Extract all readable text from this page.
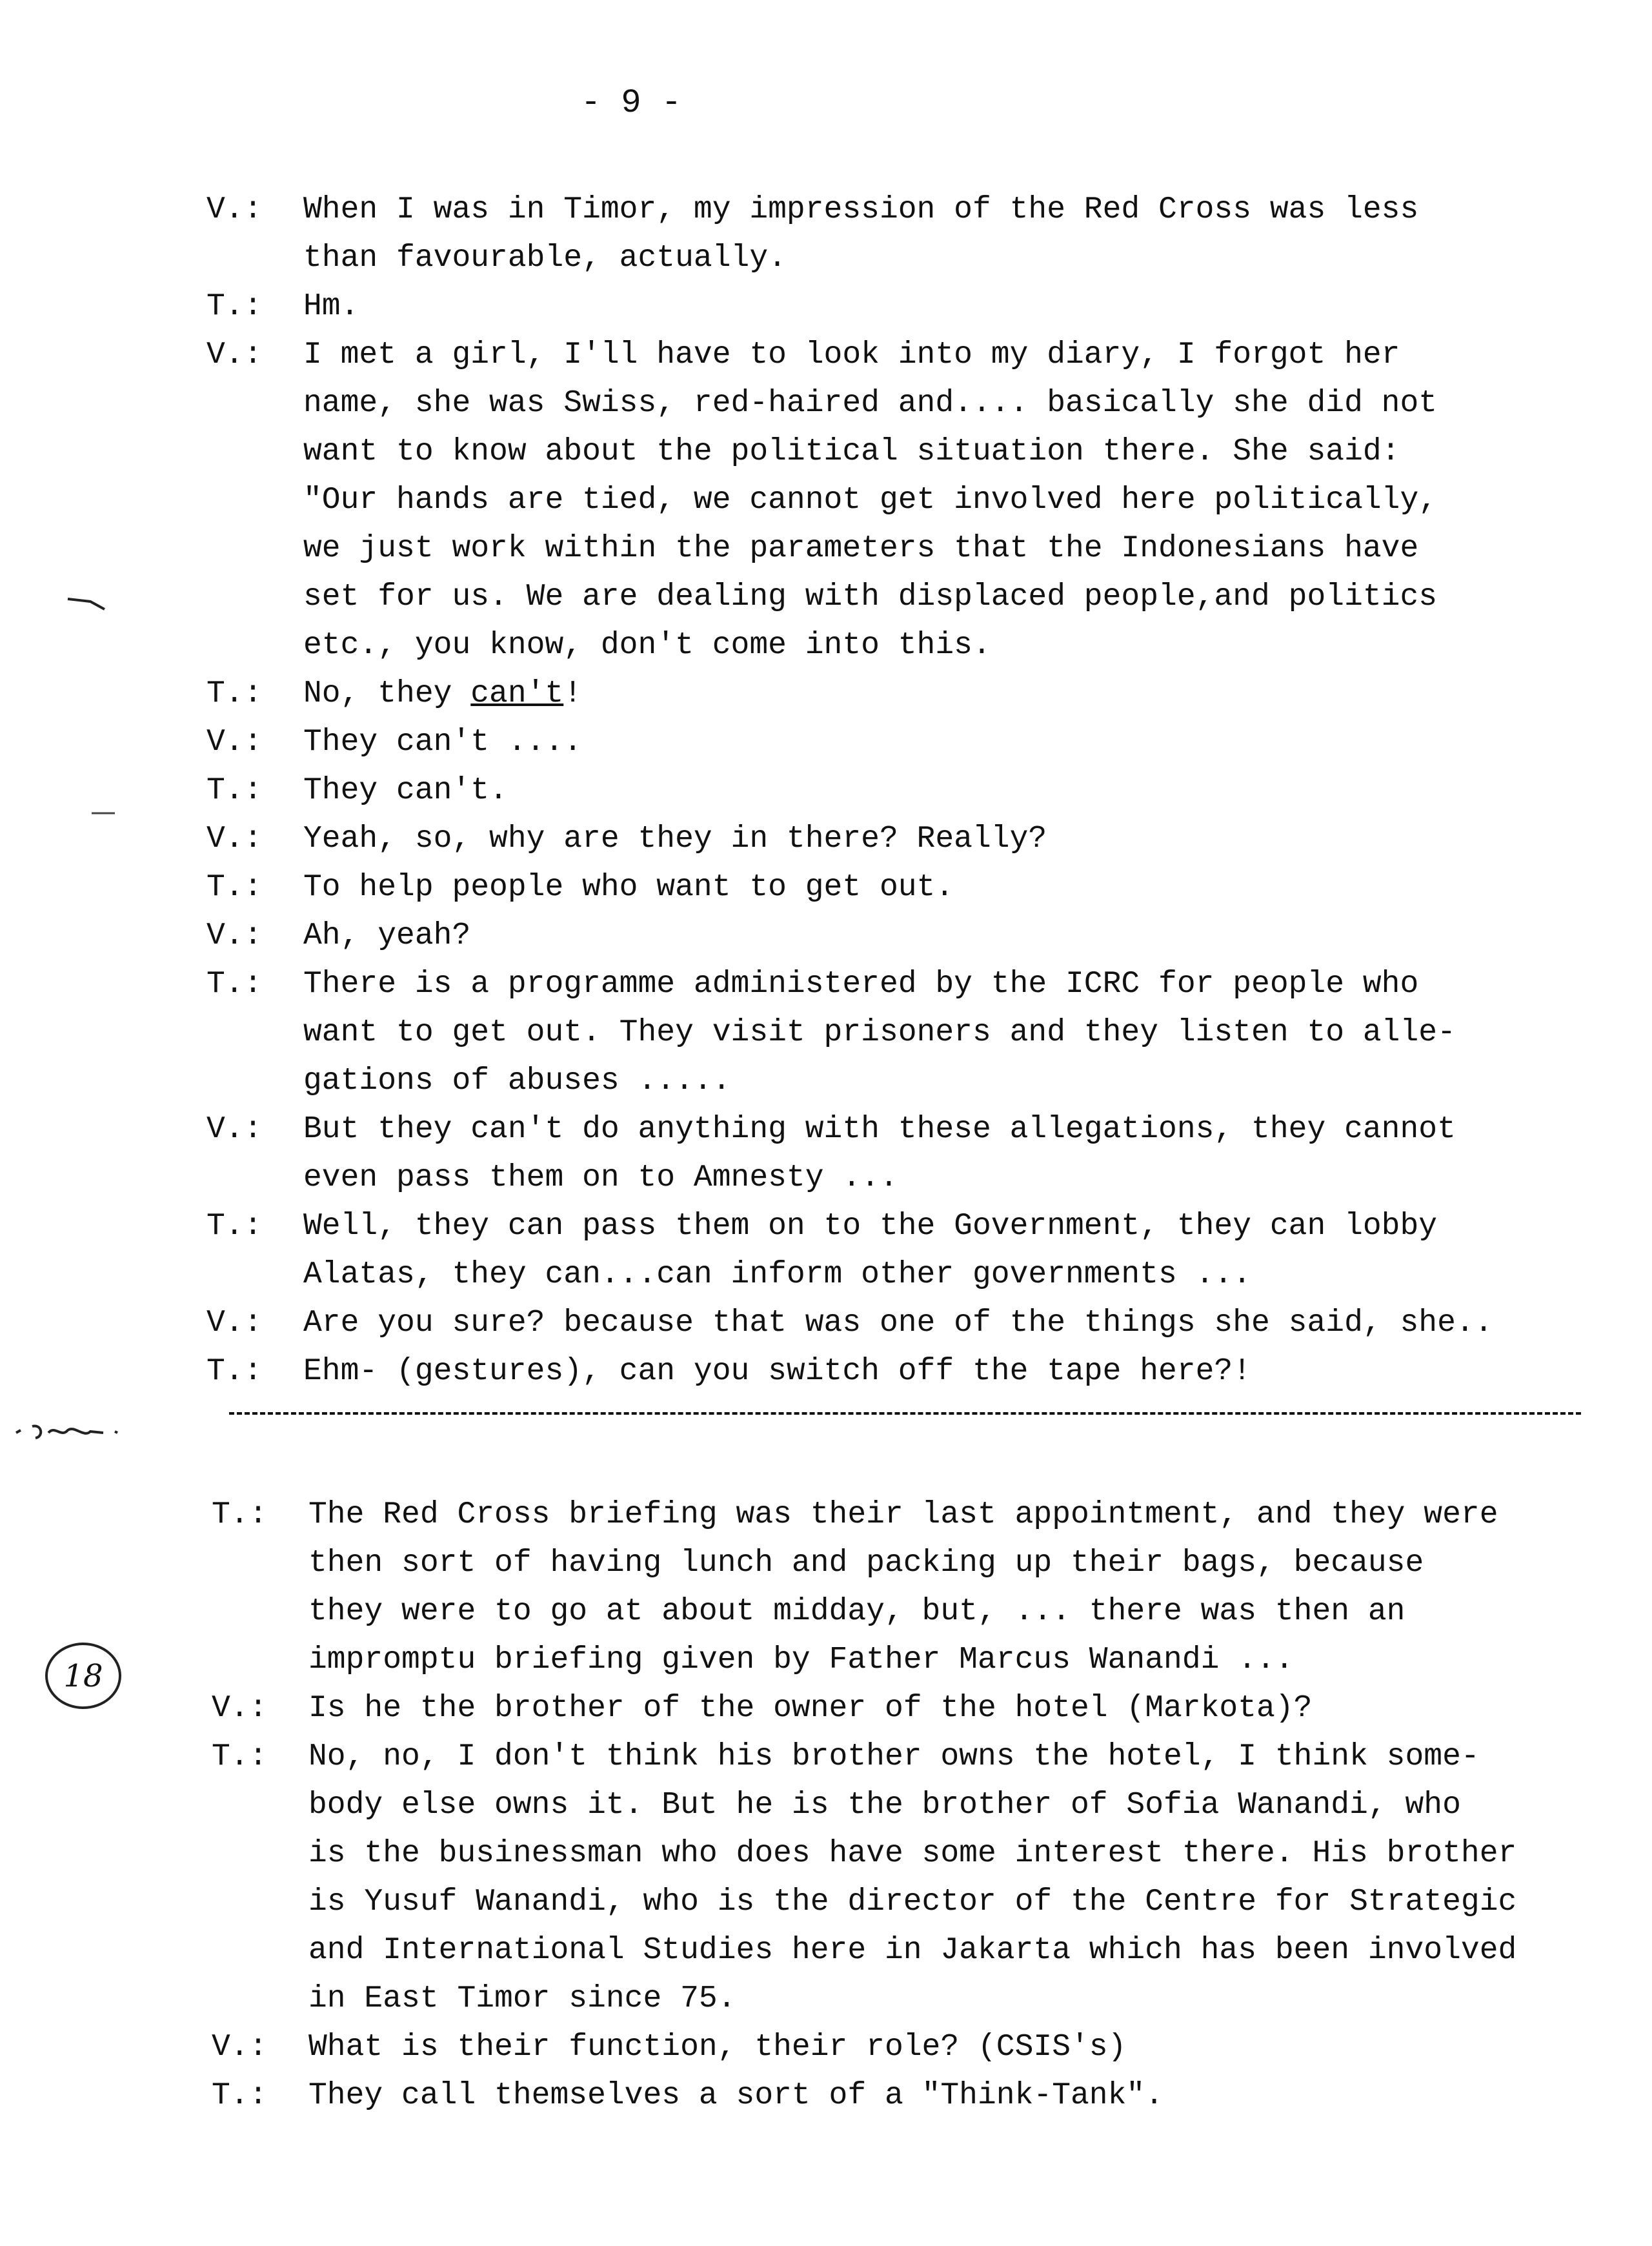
- 9 -
V.:	When I was in Timor, my impression of the Red Cross was less
than favourable, actually.
T.:	Hm.
V.:	I met a girl, I'll have to look into my diary, I forgot her
name, she was Swiss, red-haired and.... basically she did not
want to know about the political situation there. She said:
"Our hands are tied, we cannot get involved here politically,
we just work within the parameters that the Indonesians have
set for us. We are dealing with displaced people,and politics
etc., you know, don't come into this.
T.:	No, they can't!
V.:	They can't ....
T.:	They can't.
V.:	Yeah, so, why are they in there? Really?
T.:	To help people who want to get out.
V.:	Ah, yeah?
T.:	There is a programme administered by the ICRC for people who
want to get out. They visit prisoners and they listen to alle-
gations of abuses .....
V.:	But they can't do anything with these allegations, they cannot
even pass them on to Amnesty ...
T.:	Well, they can pass them on to the Government, they can lobby
Alatas, they can...can inform other governments ...
V.:	Are you sure? because that was one of the things she said, she..
T.:	Ehm- (gestures), can you switch off the tape here?!
18
T.:	The Red Cross briefing was their last appointment, and they were
then sort of having lunch and packing up their bags, because
they were to go at about midday, but, ... there was then an
impromptu briefing given by Father Marcus Wanandi ...
V.:	Is he the brother of the owner of the hotel (Markota)?
T.:	No, no, I don't think his brother owns the hotel, I think some-
body else owns it. But he is the brother of Sofia Wanandi, who
is the businessman who does have some interest there. His brother
is Yusuf Wanandi, who is the director of the Centre for Strategic
and International Studies here in Jakarta which has been involved
in East Timor since 75.
V.:	What is their function, their role? (CSIS's)
T.:	They call themselves a sort of a "Think-Tank".
